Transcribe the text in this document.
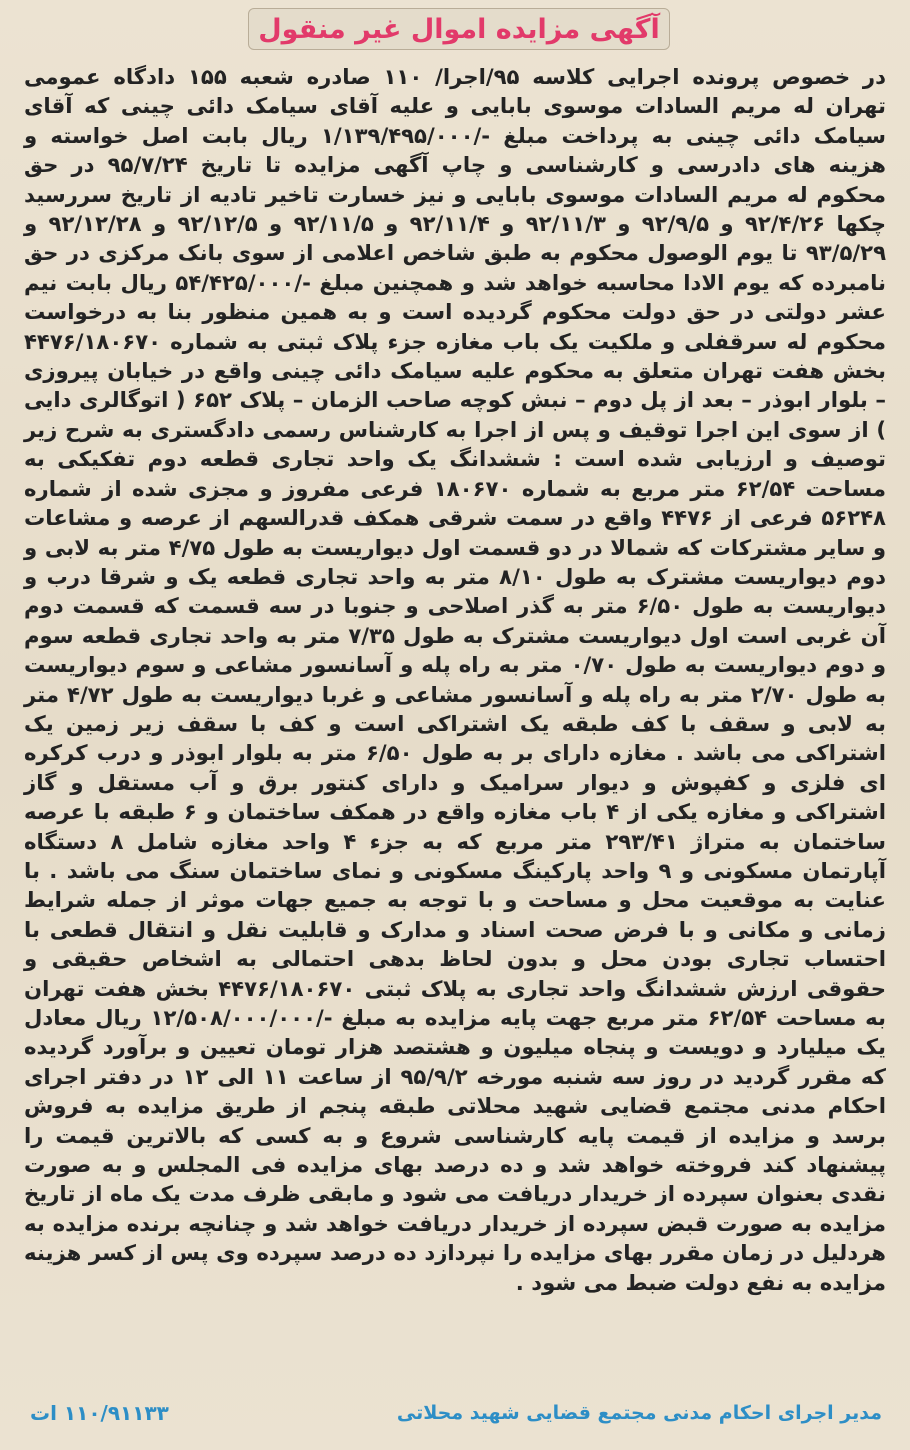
آگهی مزایده اموال غیر منقول

در خصوص پرونده اجرایی کلاسه ۹۵/اجرا/ ۱۱۰ صادره شعبه ۱۵۵ دادگاه عمومی تهران له مریم السادات موسوی بابایی و علیه آقای سیامک دائی چینی که آقای سیامک دائی چینی به پرداخت مبلغ -/۱/۱۳۹/۴۹۵/۰۰۰ ریال بابت اصل خواسته و هزینه های دادرسی و کارشناسی و چاپ آگهی مزایده تا تاریخ ۹۵/۷/۲۴ در حق محکوم له مریم السادات موسوی بابایی و نیز خسارت تاخیر تادیه از تاریخ سررسید چکها ۹۲/۴/۲۶ و ۹۲/۹/۵ و ۹۲/۱۱/۳ و ۹۲/۱۱/۴ و ۹۲/۱۱/۵ و ۹۲/۱۲/۵ و ۹۲/۱۲/۲۸ و ۹۳/۵/۲۹ تا یوم الوصول محکوم به طبق شاخص اعلامی از سوی بانک مرکزی در حق نامبرده که یوم الادا محاسبه خواهد شد و همچنین مبلغ -/۵۴/۴۲۵/۰۰۰ ریال بابت نیم عشر دولتی در حق دولت محکوم گردیده است و به همین منظور بنا به درخواست محکوم له سرقفلی و ملکیت یک باب مغازه جزء پلاک ثبتی به شماره ۴۴۷۶/۱۸۰۶۷۰ بخش هفت تهران متعلق به محکوم علیه سیامک دائی چینی واقع در خیابان پیروزی – بلوار ابوذر – بعد از پل دوم – نبش کوچه صاحب الزمان – پلاک ۶۵۲ ( اتوگالری دایی ) از سوی این اجرا توقیف و پس از اجرا به کارشناس رسمی دادگستری به شرح زیر توصیف و ارزیابی شده است : ششدانگ یک واحد تجاری قطعه دوم تفکیکی به مساحت ۶۲/۵۴ متر مربع به شماره ۱۸۰۶۷۰ فرعی مفروز و مجزی شده از شماره ۵۶۲۴۸ فرعی از ۴۴۷۶ واقع در سمت شرقی همکف قدرالسهم از عرصه و مشاعات و سایر مشترکات که شمالا در دو قسمت اول دیواریست به طول ۴/۷۵ متر به لابی و دوم دیواریست مشترک به طول ۸/۱۰ متر به واحد تجاری قطعه یک و شرقا درب و دیواریست به طول ۶/۵۰ متر به گذر اصلاحی و جنوبا در سه قسمت که قسمت دوم آن غربی است اول دیواریست مشترک به طول ۷/۳۵ متر به واحد تجاری قطعه سوم و دوم دیواریست به طول ۰/۷۰ متر به راه پله و آسانسور مشاعی و سوم دیواریست به طول ۲/۷۰ متر به راه پله و آسانسور مشاعی و غربا دیواریست به طول ۴/۷۲ متر به لابی و سقف با کف طبقه یک اشتراکی است و کف با سقف زیر زمین یک اشتراکی می باشد . مغازه دارای بر به طول ۶/۵۰ متر به بلوار ابوذر و درب کرکره ای فلزی و کفپوش و دیوار سرامیک و دارای کنتور برق و آب مستقل و گاز اشتراکی و مغازه یکی از ۴ باب مغازه واقع در همکف ساختمان و ۶ طبقه با عرصه ساختمان به متراژ ۲۹۳/۴۱ متر مربع که به جزء ۴ واحد مغازه شامل ۸ دستگاه آپارتمان مسکونی و ۹ واحد پارکینگ مسکونی و نمای ساختمان سنگ می باشد . با عنایت به موقعیت محل و مساحت و با توجه به جمیع جهات موثر از جمله شرایط زمانی و مکانی و با فرض صحت اسناد و مدارک و قابلیت نقل و انتقال قطعی با احتساب تجاری بودن محل و بدون لحاظ بدهی احتمالی به اشخاص حقیقی و حقوقی ارزش ششدانگ واحد تجاری به پلاک ثبتی ۴۴۷۶/۱۸۰۶۷۰ بخش هفت تهران به مساحت ۶۲/۵۴ متر مربع جهت پایه مزایده به مبلغ -/۱۲/۵۰۸/۰۰۰/۰۰۰ ریال معادل یک میلیارد و دویست و پنجاه میلیون و هشتصد هزار تومان تعیین و برآورد گردیده که مقرر گردید در روز سه شنبه مورخه ۹۵/۹/۲ از ساعت ۱۱ الی ۱۲ در دفتر اجرای احکام مدنی مجتمع قضایی شهید محلاتی طبقه پنجم از طریق مزایده به فروش برسد و مزایده از قیمت پایه کارشناسی شروع و به کسی که بالاترین قیمت را پیشنهاد کند فروخته خواهد شد و ده درصد بهای مزایده فی المجلس و به صورت نقدی بعنوان سپرده از خریدار دریافت می شود و مابقی ظرف مدت یک ماه از تاریخ مزایده به صورت قبض سپرده از خریدار دریافت خواهد شد و چنانچه برنده مزایده به هردلیل در زمان مقرر بهای مزایده را نپردازد ده درصد سپرده وی پس از کسر هزینه مزایده به نفع دولت ضبط می شود .

۱۱۰/۹۱۱۳۳ ات	مدیر اجرای احکام مدنی مجتمع قضایی شهید محلاتی
